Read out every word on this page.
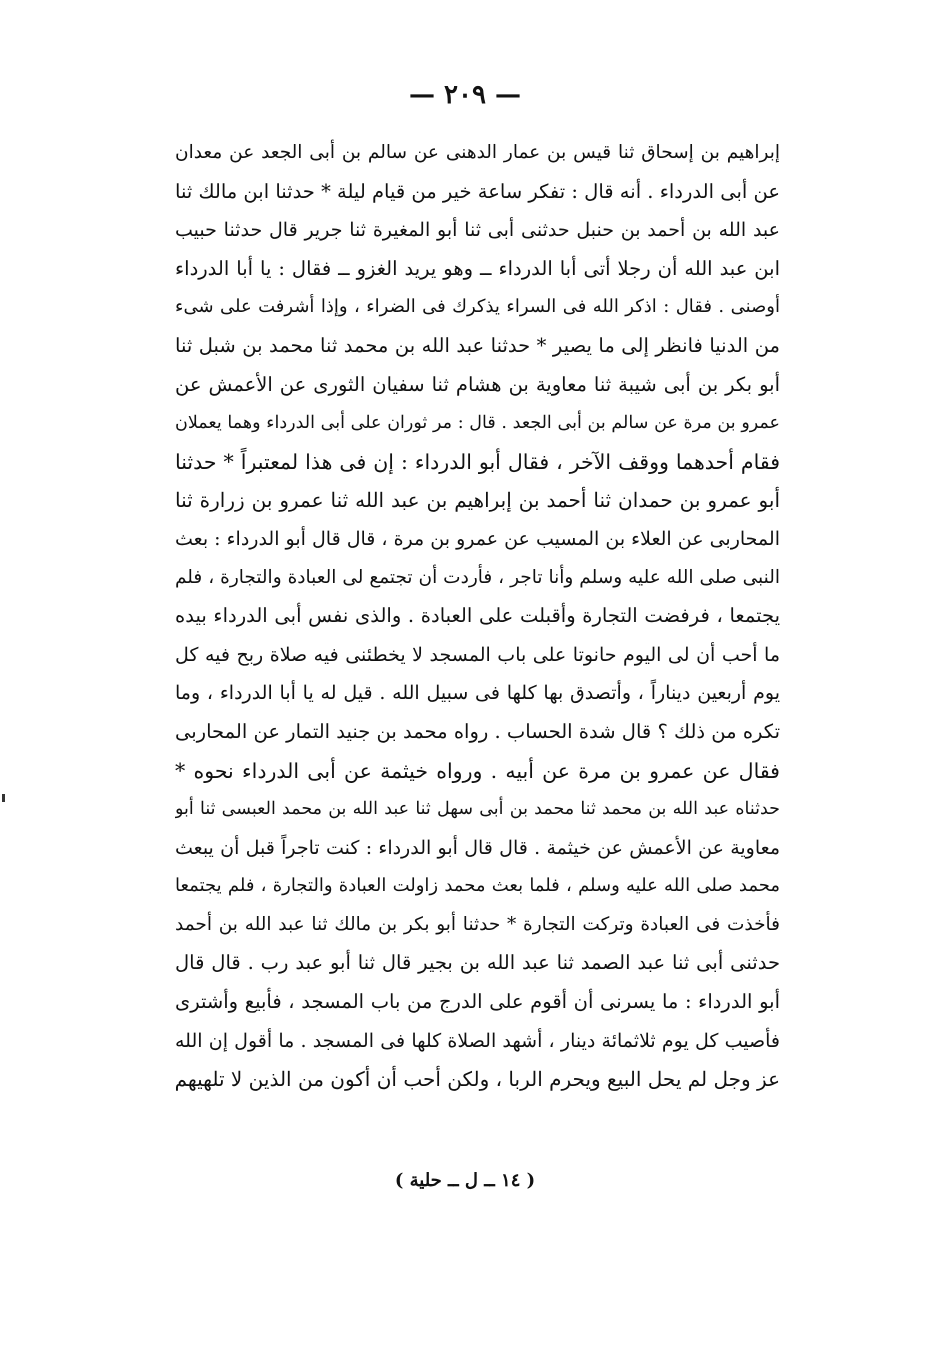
— ٢٠٩ —
إبراهيم بن إسحاق ثنا قيس بن عمار الدهنى عن سالم بن أبى الجعد عن معدان
عن أبى الدرداء . أنه قال : تفكر ساعة خير من قيام ليلة * حدثنا ابن مالك ثنا
عبد الله بن أحمد بن حنبل حدثنى أبى ثنا أبو المغيرة ثنا جرير قال حدثنا حبيب
ابن عبد الله أن رجلا أتى أبا الدرداء ــ وهو يريد الغزو ــ فقال : يا أبا الدرداء
أوصنى . فقال : اذكر الله فى السراء يذكرك فى الضراء ، وإذا أشرفت على شىء
من الدنيا فانظر إلى ما يصير * حدثنا عبد الله بن محمد ثنا محمد بن شبل ثنا
أبو بكر بن أبى شيبة ثنا معاوية بن هشام ثنا سفيان الثورى عن الأعمش عن
عمرو بن مرة عن سالم بن أبى الجعد . قال : مر ثوران على أبى الدرداء وهما يعملان
فقام أحدهما ووقف الآخر ، فقال أبو الدرداء : إن فى هذا لمعتبراً * حدثنا
أبو عمرو بن حمدان ثنا أحمد بن إبراهيم بن عبد الله ثنا عمرو بن زرارة ثنا
المحاربى عن العلاء بن المسيب عن عمرو بن مرة ، قال قال أبو الدرداء : بعث
النبى صلى الله عليه وسلم وأنا تاجر ، فأردت أن تجتمع لى العبادة والتجارة ، فلم
يجتمعا ، فرفضت التجارة وأقبلت على العبادة . والذى نفس أبى الدرداء بيده
ما أحب أن لى اليوم حانوتا على باب المسجد لا يخطئنى فيه صلاة ربح فيه كل
يوم أربعين ديناراً ، وأتصدق بها كلها فى سبيل الله . قيل له يا أبا الدرداء ، وما
تكره من ذلك ؟ قال شدة الحساب . رواه محمد بن جنيد التمار عن المحاربى
فقال عن عمرو بن مرة عن أبيه . ورواه خيثمة عن أبى الدرداء نحوه *
حدثناه عبد الله بن محمد ثنا محمد بن أبى سهل ثنا عبد الله بن محمد العبسى ثنا أبو
معاوية عن الأعمش عن خيثمة . قال قال أبو الدرداء : كنت تاجراً قبل أن يبعث
محمد صلى الله عليه وسلم ، فلما بعث محمد زاولت العبادة والتجارة ، فلم يجتمعا
فأخذت فى العبادة وتركت التجارة * حدثنا أبو بكر بن مالك ثنا عبد الله بن أحمد
حدثنى أبى ثنا عبد الصمد ثنا عبد الله بن بجير قال ثنا أبو عبد رب . قال قال
أبو الدرداء : ما يسرنى أن أقوم على الدرج من باب المسجد ، فأبيع وأشترى
فأصيب كل يوم ثلاثمائة دينار ، أشهد الصلاة كلها فى المسجد . ما أقول إن الله
عز وجل لم يحل البيع ويحرم الربا ، ولكن أحب أن أكون من الذين لا تلهيهم
( ١٤ ــ ل ــ حلية )
